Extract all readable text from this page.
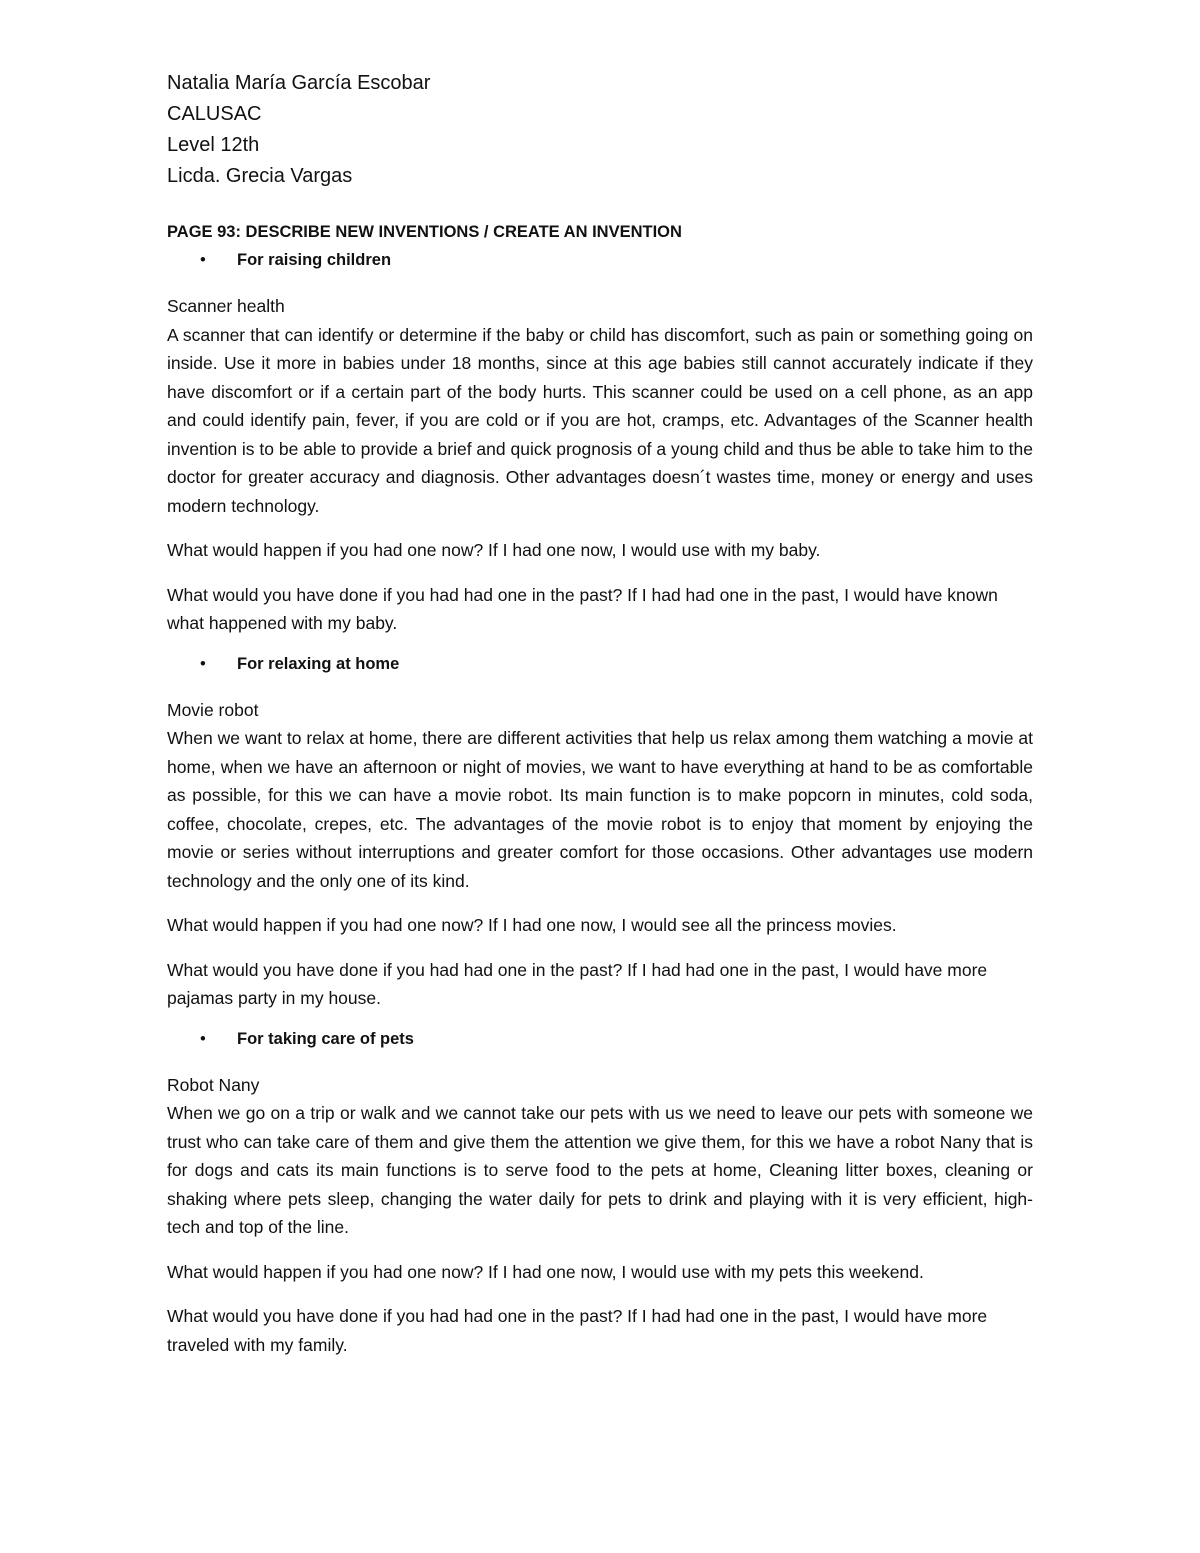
Natalia María García Escobar

CALUSAC

Level 12th

Licda. Grecia Vargas

PAGE 93: DESCRIBE NEW INVENTIONS / CREATE AN INVENTION

• For raising children

Scanner health

A scanner that can identify or determine if the baby or child has discomfort, such as pain or something going on inside. Use it more in babies under 18 months, since at this age babies still cannot accurately indicate if they have discomfort or if a certain part of the body hurts. This scanner could be used on a cell phone, as an app and could identify pain, fever, if you are cold or if you are hot, cramps, etc. Advantages of the Scanner health invention is to be able to provide a brief and quick prognosis of a young child and thus be able to take him to the doctor for greater accuracy and diagnosis. Other advantages doesn´t wastes time, money or energy and uses modern technology.

What would happen if you had one now? If I had one now, I would use with my baby.

What would you have done if you had had one in the past? If I had had one in the past, I would have known what happened with my baby.

• For relaxing at home

Movie robot

When we want to relax at home, there are different activities that help us relax among them watching a movie at home, when we have an afternoon or night of movies, we want to have everything at hand to be as comfortable as possible, for this we can have a movie robot. Its main function is to make popcorn in minutes, cold soda, coffee, chocolate, crepes, etc. The advantages of the movie robot is to enjoy that moment by enjoying the movie or series without interruptions and greater comfort for those occasions. Other advantages use modern technology and the only one of its kind.

What would happen if you had one now? If I had one now, I would see all the princess movies.

What would you have done if you had had one in the past? If I had had one in the past, I would have more pajamas party in my house.

• For taking care of pets

Robot Nany

When we go on a trip or walk and we cannot take our pets with us we need to leave our pets with someone we trust who can take care of them and give them the attention we give them, for this we have a robot Nany that is for dogs and cats its main functions is to serve food to the pets at home, Cleaning litter boxes, cleaning or shaking where pets sleep, changing the water daily for pets to drink and playing with it is very efficient, high-tech and top of the line.

What would happen if you had one now? If I had one now, I would use with my pets this weekend.

What would you have done if you had had one in the past? If I had had one in the past, I would have more traveled with my family.
